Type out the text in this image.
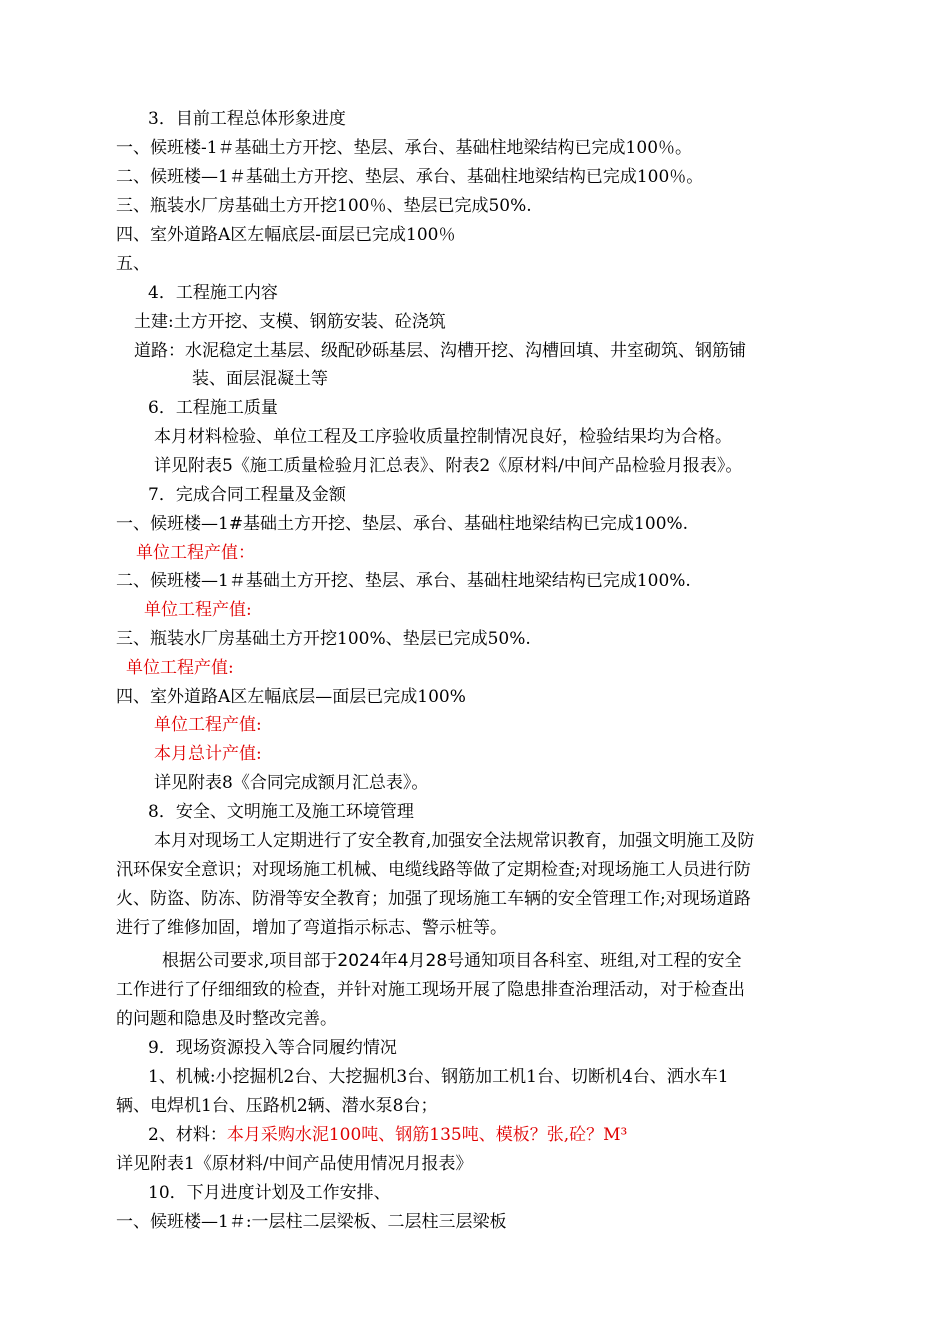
3．目前工程总体形象进度
一、候班楼-1＃基础土方开挖、垫层、承台、基础柱地梁结构已完成100％。
二、候班楼—1＃基础土方开挖、垫层、承台、基础柱地梁结构已完成100％。
三、瓶装水厂房基础土方开挖100％、垫层已完成50%.
四、室外道路A区左幅底层-面层已完成100％
五、
4．工程施工内容
土建:土方开挖、支模、钢筋安装、砼浇筑
道路：水泥稳定土基层、级配砂砾基层、沟槽开挖、沟槽回填、井室砌筑、钢筋铺
装、面层混凝土等
6．工程施工质量
本月材料检验、单位工程及工序验收质量控制情况良好，检验结果均为合格。
详见附表5《施工质量检验月汇总表》、附表2《原材料/中间产品检验月报表》。
7．完成合同工程量及金额
一、候班楼—1#基础土方开挖、垫层、承台、基础柱地梁结构已完成100%.
单位工程产值：
二、候班楼—1＃基础土方开挖、垫层、承台、基础柱地梁结构已完成100%.
单位工程产值:
三、瓶装水厂房基础土方开挖100%、垫层已完成50%.
单位工程产值:
四、室外道路A区左幅底层—面层已完成100%
单位工程产值:
本月总计产值:
详见附表8《合同完成额月汇总表》。
8．安全、文明施工及施工环境管理
本月对现场工人定期进行了安全教育,加强安全法规常识教育，加强文明施工及防
汛环保安全意识；对现场施工机械、电缆线路等做了定期检查;对现场施工人员进行防
火、防盗、防冻、防滑等安全教育；加强了现场施工车辆的安全管理工作;对现场道路
进行了维修加固，增加了弯道指示标志、警示桩等。
根据公司要求,项目部于2024年4月28号通知项目各科室、班组,对工程的安全
工作进行了仔细细致的检查，并针对施工现场开展了隐患排查治理活动，对于检查出
的问题和隐患及时整改完善。
9．现场资源投入等合同履约情况
1、机械:小挖掘机2台、大挖掘机3台、钢筋加工机1台、切断机4台、洒水车1
辆、电焊机1台、压路机2辆、潜水泵8台；
2、材料：本月采购水泥100吨、钢筋135吨、模板？张,砼？M³
详见附表1《原材料/中间产品使用情况月报表》
10．下月进度计划及工作安排、
一、候班楼—1＃:一层柱二层梁板、二层柱三层梁板
